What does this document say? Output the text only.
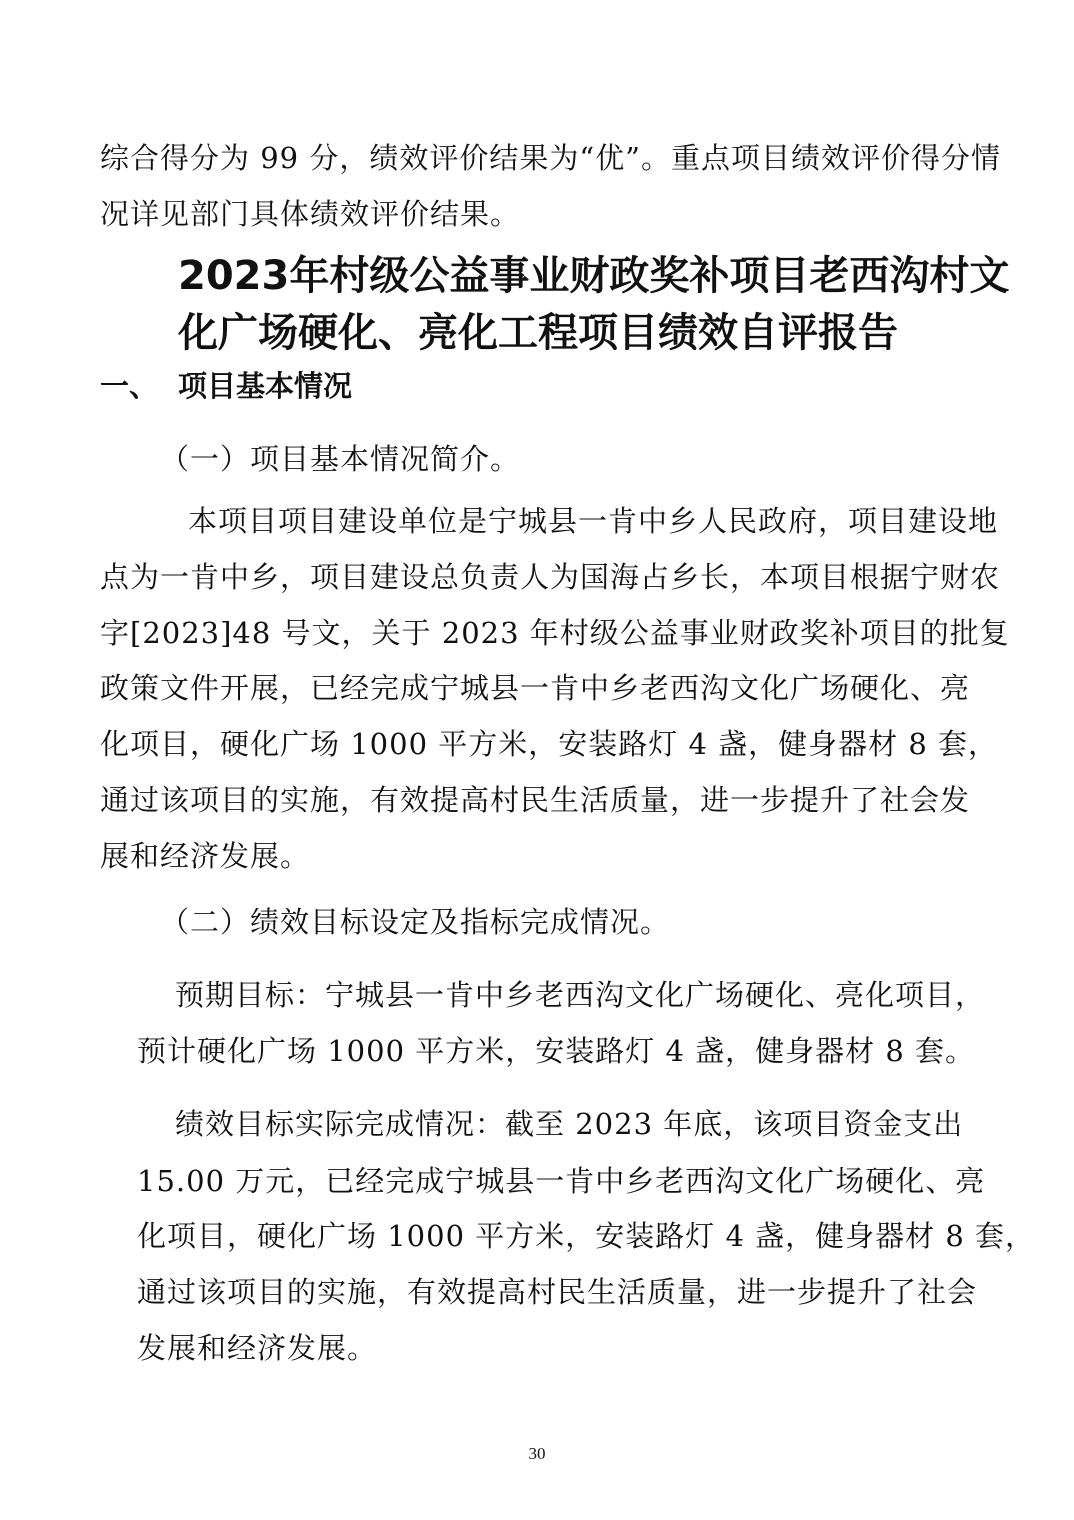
综合得分为 99 分，绩效评价结果为“优”。重点项目绩效评价得分情
况详见部门具体绩效评价结果。
2023年村级公益事业财政奖补项目老西沟村文
化广场硬化、亮化工程项目绩效自评报告
一、 项目基本情况
（一）项目基本情况简介。
本项目项目建设单位是宁城县一肯中乡人民政府，项目建设地
点为一肯中乡，项目建设总负责人为国海占乡长，本项目根据宁财农
字[2023]48 号文，关于 2023 年村级公益事业财政奖补项目的批复
政策文件开展，已经完成宁城县一肯中乡老西沟文化广场硬化、亮
化项目，硬化广场 1000 平方米，安装路灯 4 盏，健身器材 8 套，
通过该项目的实施，有效提高村民生活质量，进一步提升了社会发
展和经济发展。
（二）绩效目标设定及指标完成情况。
预期目标：宁城县一肯中乡老西沟文化广场硬化、亮化项目，
预计硬化广场 1000 平方米，安装路灯 4 盏，健身器材 8 套。
绩效目标实际完成情况：截至 2023 年底，该项目资金支出
15.00 万元，已经完成宁城县一肯中乡老西沟文化广场硬化、亮
化项目，硬化广场 1000 平方米，安装路灯 4 盏，健身器材 8 套，
通过该项目的实施，有效提高村民生活质量，进一步提升了社会
发展和经济发展。
30
